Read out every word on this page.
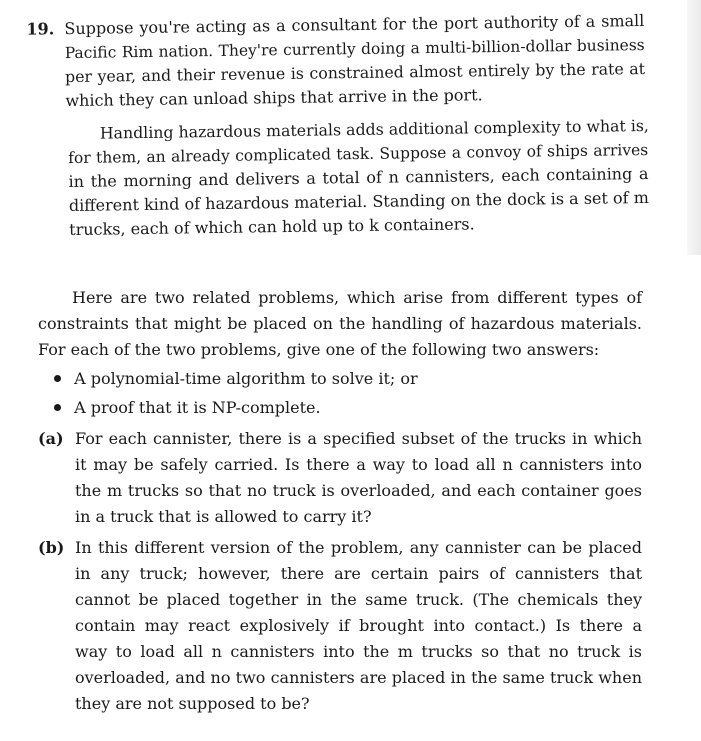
19. Suppose you're acting as a consultant for the port authority of a small
Pacific Rim nation. They're currently doing a multi-billion-dollar business
per year, and their revenue is constrained almost entirely by the rate at
which they can unload ships that arrive in the port.
Handling hazardous materials adds additional complexity to what is,
for them, an already complicated task. Suppose a convoy of ships arrives
in the morning and delivers a total of n cannisters, each containing a
different kind of hazardous material. Standing on the dock is a set of m
trucks, each of which can hold up to k containers.
Here are two related problems, which arise from different types of
constraints that might be placed on the handling of hazardous materials.
For each of the two problems, give one of the following two answers:
A polynomial-time algorithm to solve it; or
A proof that it is NP-complete.
(a) For each cannister, there is a specified subset of the trucks in which
it may be safely carried. Is there a way to load all n cannisters into
the m trucks so that no truck is overloaded, and each container goes
in a truck that is allowed to carry it?
(b) In this different version of the problem, any cannister can be placed
in any truck; however, there are certain pairs of cannisters that
cannot be placed together in the same truck. (The chemicals they
contain may react explosively if brought into contact.) Is there a
way to load all n cannisters into the m trucks so that no truck is
overloaded, and no two cannisters are placed in the same truck when
they are not supposed to be?
